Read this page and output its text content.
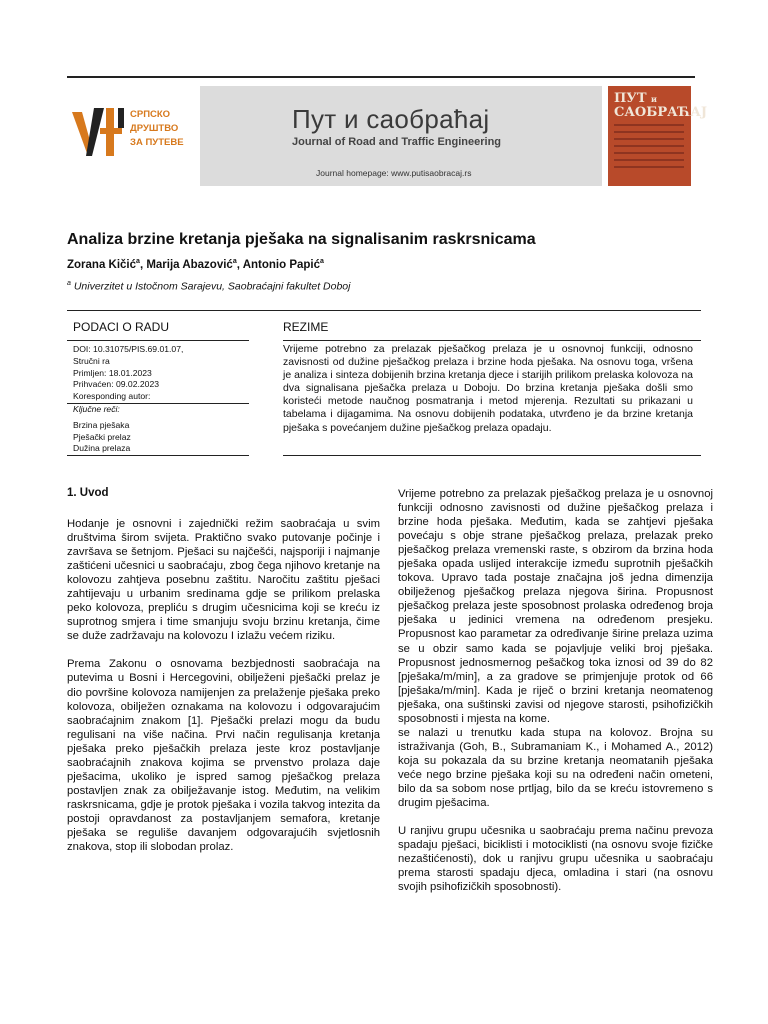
СРПСКО
ДРУШТВО
ЗА ПУТЕВЕ
Пут и саобраћај
Journal of Road and Traffic Engineering
Journal homepage: www.putisaobracaj.rs
ПУТ и
САОБРАЋАЈ
Analiza brzine kretanja pješaka na signalisanim raskrsnicama
Zorana Kičić$^a$, Marija Abazović$^a$, Antonio Papić$^a$
$^a$ Univerzitet u Istočnom Sarajevu, Saobraćajni fakultet Doboj
PODACI O RADU	REZIME
DOI: 10.31075/PIS.69.01.07,
Stručni ra
Primljen: 18.01.2023
Prihvaćen: 09.02.2023
Koresponding autor:
Ključne reči:
Brzina pješaka
Pješački prelaz
Dužina prelaza
Vrijeme potrebno za prelazak pješačkog prelaza je u osnovnoj funkciji, odnosno zavisnosti od dužine pješačkog prelaza i brzine hoda pješaka. Na osnovu toga, vršena je analiza i sinteza dobijenih brzina kretanja djece i starijih prilikom prelaska kolovoza na dva signalisana pješačka prelaza u Doboju. Do brzina kretanja pješaka došli smo koristeći metode naučnog posmatranja i metod mjerenja. Rezultati su prikazani u tabelama i dijagamima. Na osnovu dobijenih podataka, utvrđeno je da brzine kretanja pješaka s povećanjem dužine pješačkog prelaza opadaju.
1. Uvod

Hodanje je osnovni i zajednički režim saobraćaja u svim društvima širom svijeta. Praktično svako putovanje počinje i završava se šetnjom. Pješaci su najčešći, najsporiji i najmanje zaštićeni učesnici u saobraćaju, zbog čega njihovo kretanje na kolovozu zahtjeva posebnu zaštitu. Naročitu zaštitu pješaci zahtijevaju u urbanim sredinama gdje se prilikom prelaska peko kolovoza, prepliću s drugim učesnicima koji se kreću iz suprotnog smjera i time smanjuju svoju brzinu kretanja, čime se duže zadržavaju na kolovozu I izlažu većem riziku.

Prema Zakonu o osnovama bezbjednosti saobraćaja na putevima u Bosni i Hercegovini, obilježeni pješački prelaz je dio površine kolovoza namijenjen za prelaženje pješaka preko kolovoza, obilježen oznakama na kolovozu i odgovarajućim saobraćajnim znakom [1]. Pješački prelazi mogu da budu regulisani na više načina. Prvi način regulisanja kretanja pješaka preko pješačkih prelaza jeste kroz postavljanje saobraćajnih znakova kojima se prvenstvo prolaza daje pješacima, ukoliko je ispred samog pješačkog prelaza postavljen znak za obilježavanje istog. Međutim, na velikim raskrsnicama, gdje je protok pješaka i vozila takvog intezita da postoji opravdanost za postavljanjem semafora, kretanje pješaka se reguliše davanjem odgovarajućih svjetlosnih znakova, stop ili slobodan prolaz.

Vrijeme potrebno za prelazak pješačkog prelaza je u osnovnoj funkciji odnosno zavisnosti od dužine pješačkog prelaza i brzine hoda pješaka. Međutim, kada se zahtjevi pješaka povećaju s obje strane pješačkog prelaza, prelazak preko pješačkog prelaza vremenski raste, s obzirom da brzina hoda pješaka opada uslijed interakcije između suprotnih pješačkih tokova. Upravo tada postaje značajna još jedna dimenzija obilježenog pješačkog prelaza njegova širina. Propusnost pješačkog prelaza jeste sposobnost prolaska određenog broja pješaka u jedinici vremena na određenom presjeku. Propusnost kao parametar za određivanje širine prelaza uzima se u obzir samo kada se pojavljuje veliki broj pješaka. Propusnost jednosmernog pešačkog toka iznosi od 39 do 82 [pješaka/m/min], a za gradove se primjenjuje protok od 66 [pješaka/m/min]. Kada je riječ o brzini kretanja neomatenog pješaka, ona suštinski zavisi od njegove starosti, psihofizičkih sposobnosti i mjesta na kome.

se nalazi u trenutku kada stupa na kolovoz. Brojna su istraživanja (Goh, B., Subramaniam K., i Mohamed A., 2012) koja su pokazala da su brzine kretanja neomatanih pješaka veće nego brzine pješaka koji su na određeni način ometeni, bilo da sa sobom nose prtljag, bilo da se kreću istovremeno s drugim pješacima.

U ranjivu grupu učesnika u saobraćaju prema načinu prevoza spadaju pješaci, biciklisti i motociklisti (na osnovu svoje fizičke nezaštićenosti), dok u ranjivu grupu učesnika u saobraćaju prema starosti spadaju djeca, omladina i stari (na osnovu svojih psihofizičkih sposobnosti).
